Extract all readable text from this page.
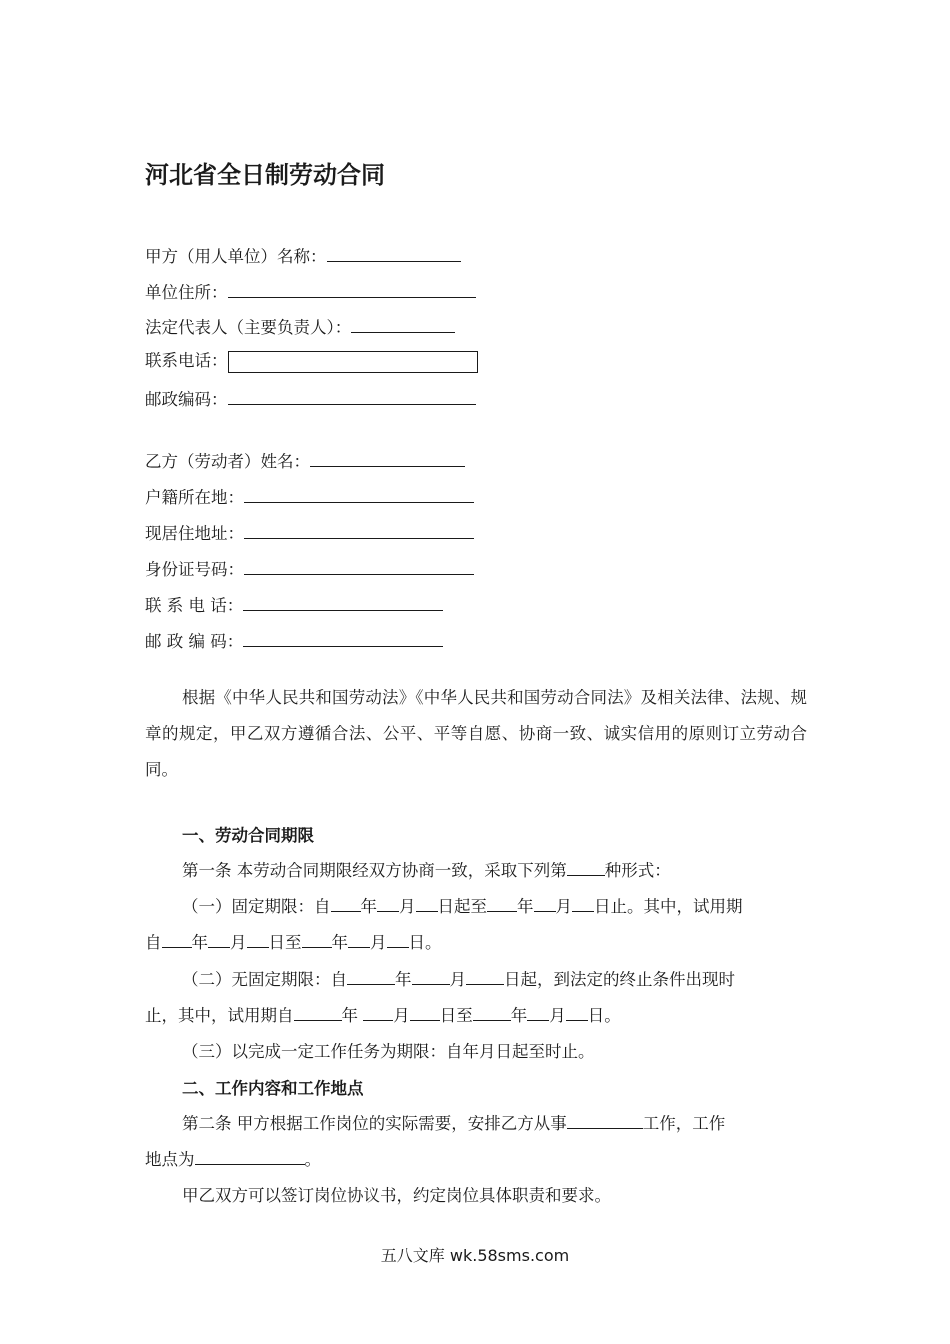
河北省全日制劳动合同
甲方（用人单位）名称：
单位住所：
法定代表人（主要负责人）：
联系电话：
邮政编码：
乙方（劳动者）姓名：
户籍所在地：
现居住地址：
身份证号码：
联 系 电 话：
邮 政 编 码：
根据《中华人民共和国劳动法》《中华人民共和国劳动合同法》及相关法律、法规、规章的规定，甲乙双方遵循合法、公平、平等自愿、协商一致、诚实信用的原则订立劳动合同。
一、劳动合同期限
第一条 本劳动合同期限经双方协商一致，采取下列第 种形式：
（一）固定期限：自 年 月 日起至 年 月 日止。其中，试用期
自 年 月 日至 年 月 日。
（二）无固定期限：自	年 月 日起，到法定的终止条件出现时
止，其中，试用期自	年 月 日至 年 月 日。
（三）以完成一定工作任务为期限：自年月日起至时止。
二、工作内容和工作地点
第二条 甲方根据工作岗位的实际需要，安排乙方从事	工作，工作
地点为	。
甲乙双方可以签订岗位协议书，约定岗位具体职责和要求。
五八文库 wk.58sms.com
